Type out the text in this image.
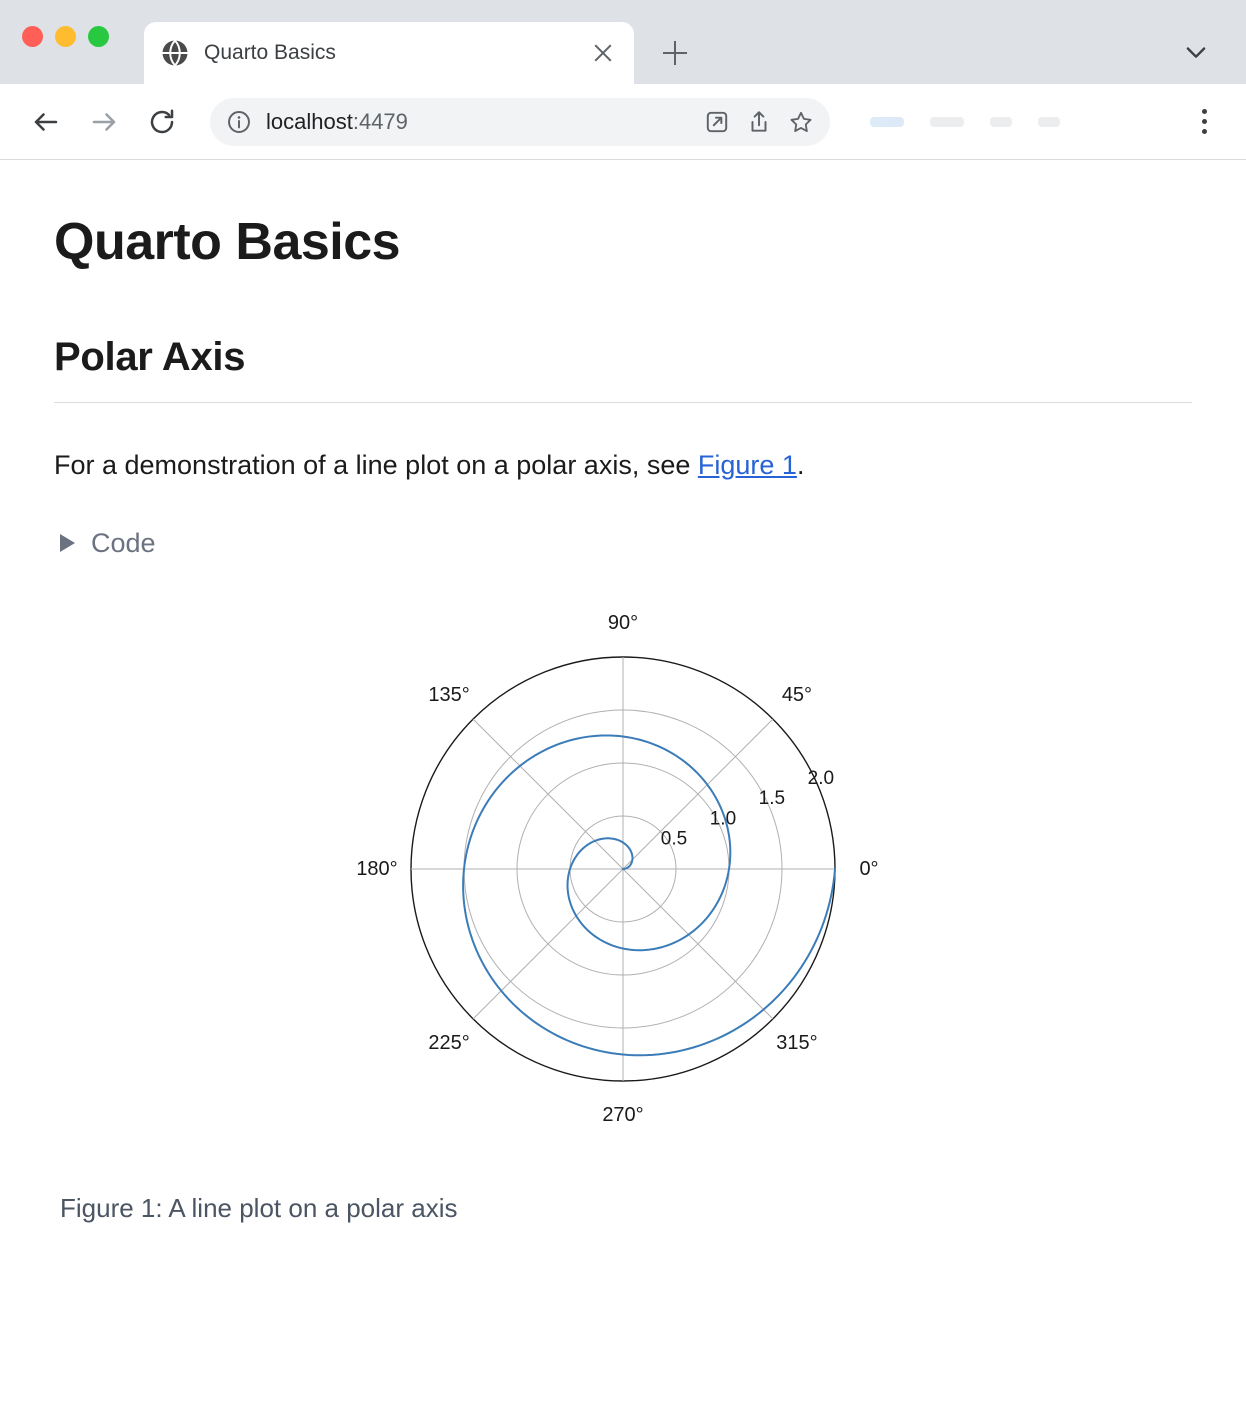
Quarto Basics
localhost:4479
Quarto Basics
Polar Axis

For a demonstration of a line plot on a polar axis, see Figure 1.

Code
0°
45°
90°
135°
180°
225°
270°
315°
0.5
1.0
1.5
2.0
Figure 1: A line plot on a polar axis
